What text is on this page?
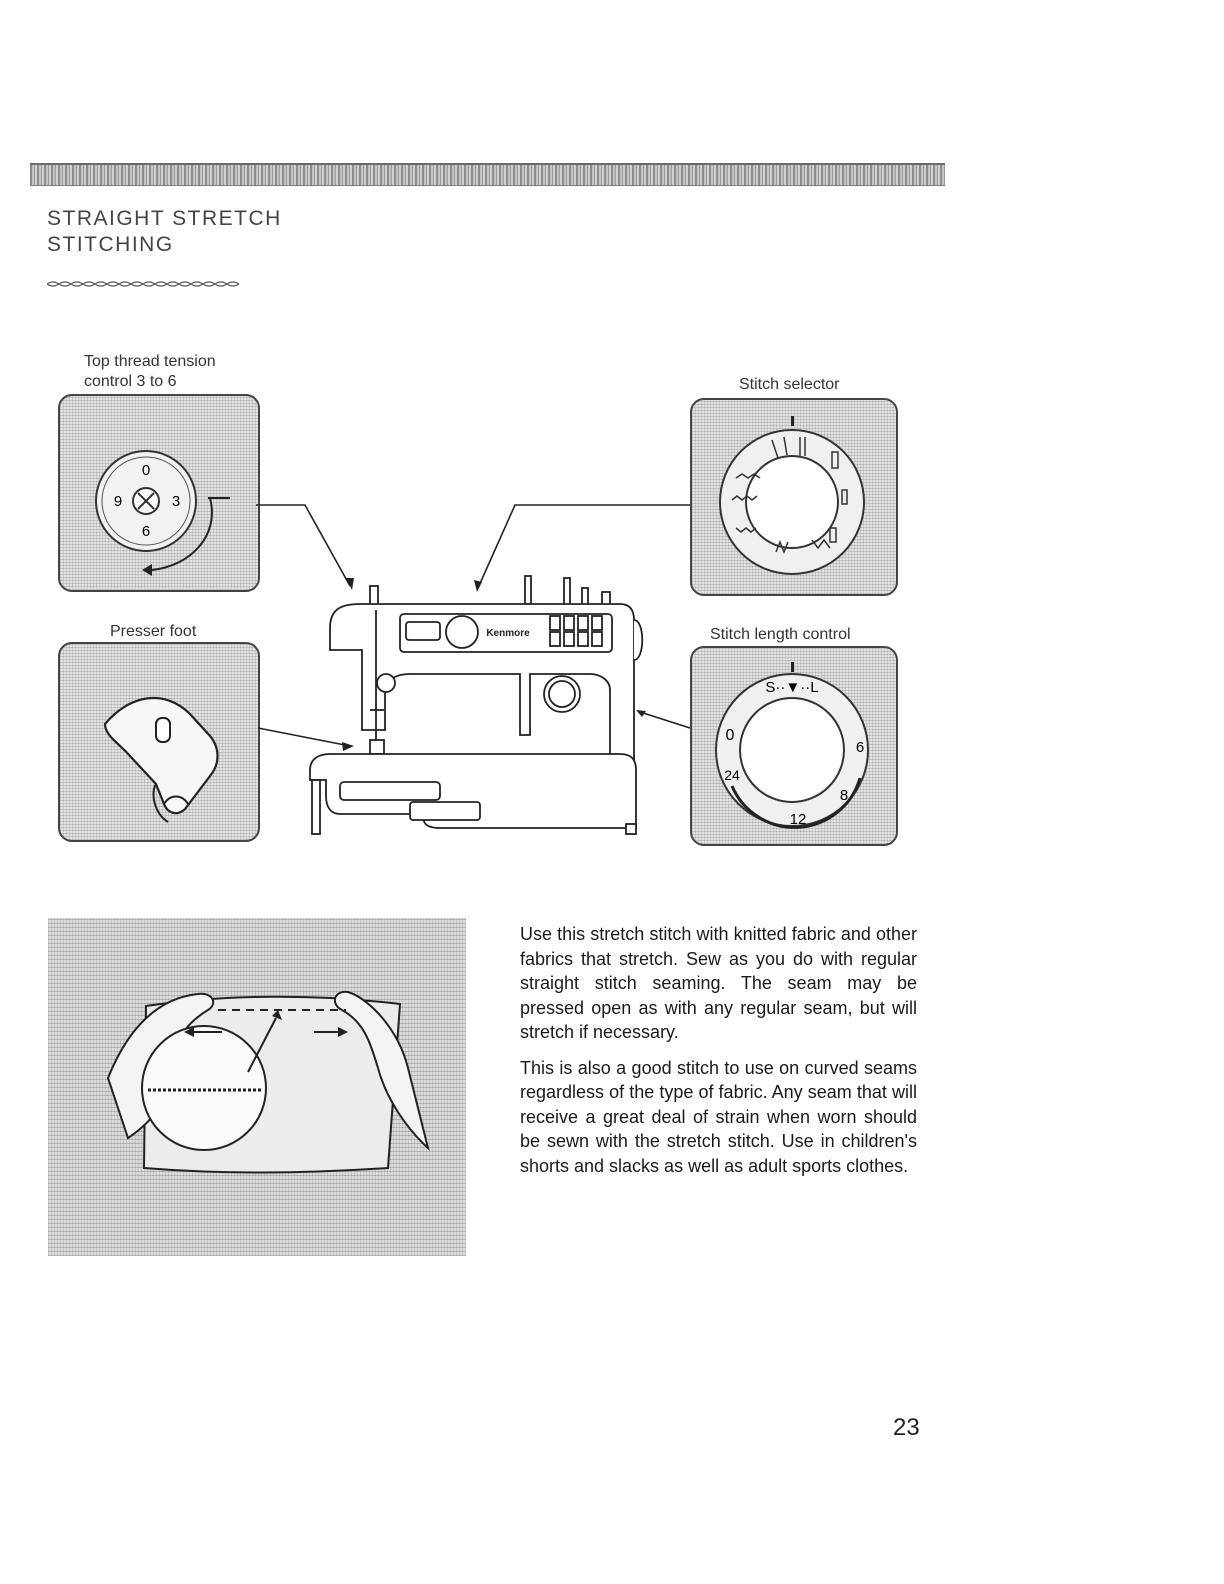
STRAIGHT STRETCH
STITCHING
Top thread tension
control 3 to 6	Stitch selector
Presser foot	Stitch length control
0
3
6
9
S··▼··L
0
24
12
8
6
Kenmore

Use this stretch stitch with knitted fabric and other fabrics that stretch. Sew as you do with regular straight stitch seaming. The seam may be pressed open as with any regular seam, but will stretch if necessary.

This is also a good stitch to use on curved seams regardless of the type of fabric. Any seam that will receive a great deal of strain when worn should be sewn with the stretch stitch. Use in children's shorts and slacks as well as adult sports clothes.

23
